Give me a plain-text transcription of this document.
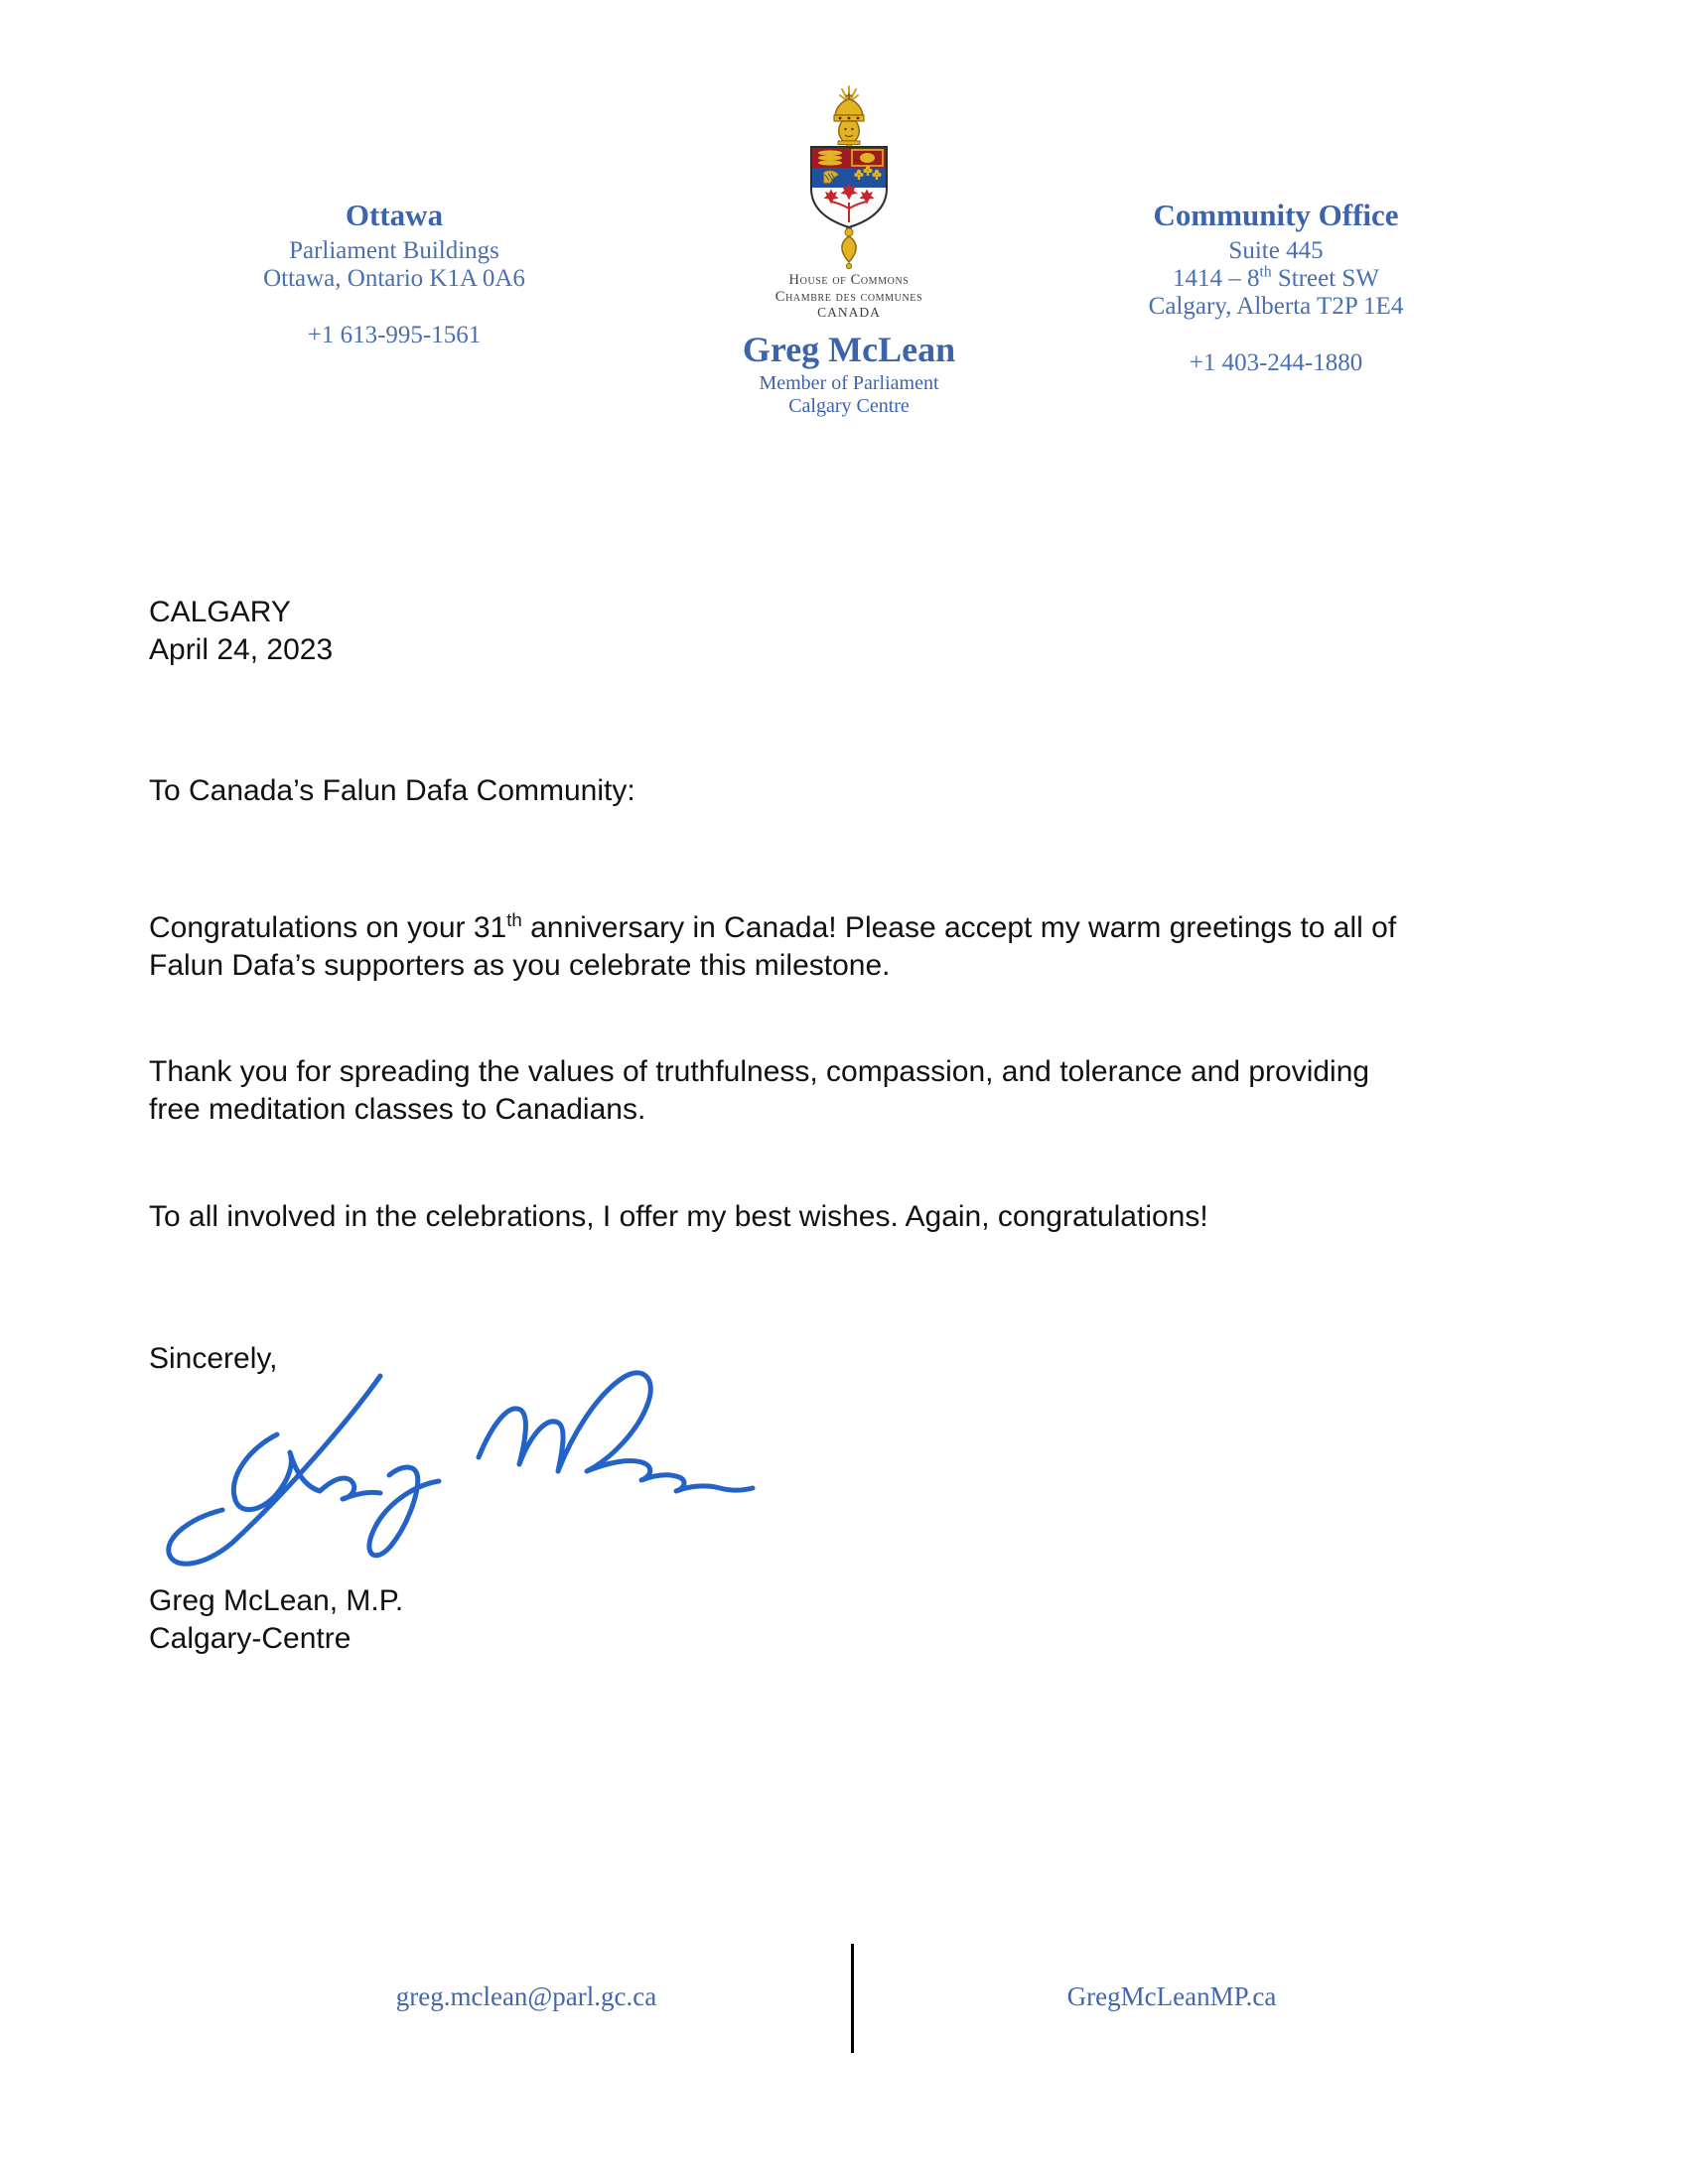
Ottawa
Parliament Buildings
Ottawa, Ontario K1A 0A6
+1 613-995-1561
House of Commons
Chambre des communes
CANADA
Greg McLean
Member of Parliament
Calgary Centre
Community Office
Suite 445
1414 – 8th Street SW
Calgary, Alberta T2P 1E4
+1 403-244-1880
CALGARY
April 24, 2023
To Canada’s Falun Dafa Community:
Congratulations on your 31th anniversary in Canada! Please accept my warm greetings to all of
Falun Dafa’s supporters as you celebrate this milestone.
Thank you for spreading the values of truthfulness, compassion, and tolerance and providing
free meditation classes to Canadians.
To all involved in the celebrations, I offer my best wishes. Again, congratulations!
Sincerely,
Greg McLean, M.P.
Calgary-Centre
greg.mclean@parl.gc.ca	GregMcLeanMP.ca
